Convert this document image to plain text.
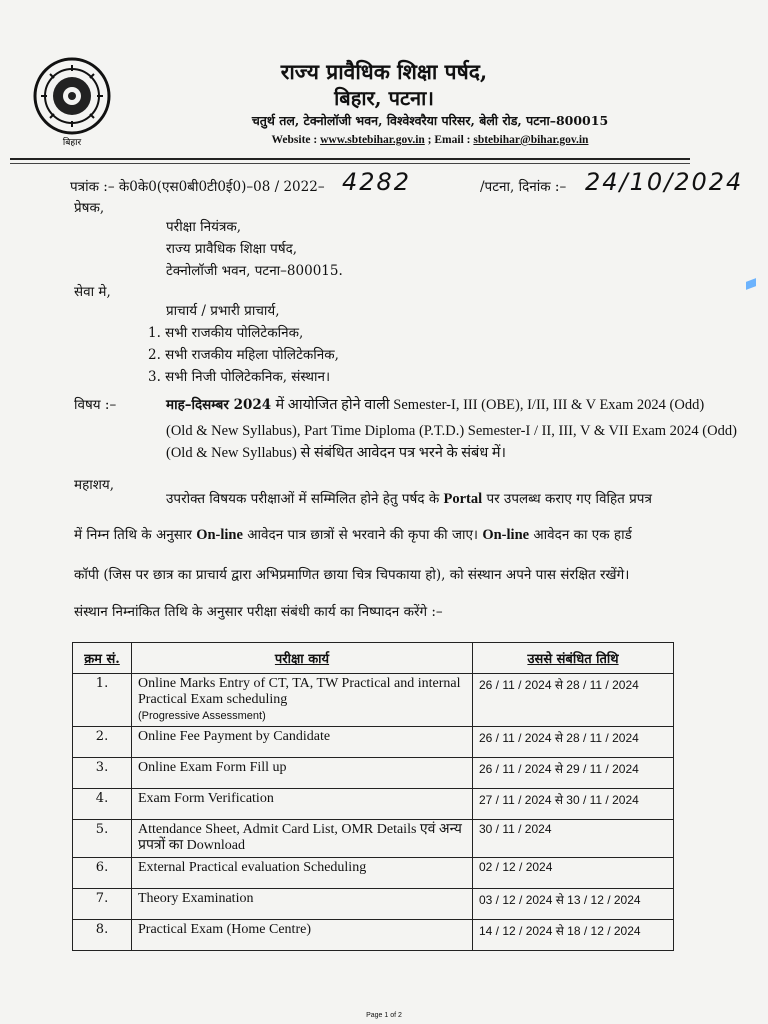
बिहार
राज्य प्रावैधिक शिक्षा पर्षद,
बिहार, पटना।
चतुर्थ तल, टेक्नोलॉजी भवन, विश्वेश्वरैया परिसर, बेली रोड, पटना–800015
Website : www.sbtebihar.gov.in ; Email : sbtebihar@bihar.gov.in
पत्रांक :– के0के0(एस0बी0टी0ई0)–08 / 2022– 4282	/पटना, दिनांक :– 24/10/2024
प्रेषक,
परीक्षा नियंत्रक,
राज्य प्रावैधिक शिक्षा पर्षद,
टेक्नोलॉजी भवन, पटना–800015.
सेवा मे,
प्राचार्य / प्रभारी प्राचार्य,
1. सभी राजकीय पोलिटेकनिक,
2. सभी राजकीय महिला पोलिटेकनिक,
3. सभी निजी पोलिटेकनिक, संस्थान।
विषय :–	माह–दिसम्बर 2024 में आयोजित होने वाली Semester-I, III (OBE), I/II, III & V Exam 2024 (Odd)
(Old & New Syllabus), Part Time Diploma (P.T.D.) Semester-I / II, III, V & VII Exam 2024 (Odd)
(Old & New Syllabus) से संबंधित आवेदन पत्र भरने के संबंध में।
महाशय,
उपरोक्त विषयक परीक्षाओं में सम्मिलित होने हेतु पर्षद के Portal पर उपलब्ध कराए गए विहित प्रपत्र
में निम्न तिथि के अनुसार On-line आवेदन पात्र छात्रों से भरवाने की कृपा की जाए। On-line आवेदन का एक हार्ड
कॉपी (जिस पर छात्र का प्राचार्य द्वारा अभिप्रमाणित छाया चित्र चिपकाया हो), को संस्थान अपने पास संरक्षित रखेंगे।
संस्थान निम्नांकित तिथि के अनुसार परीक्षा संबंधी कार्य का निष्पादन करेंगे :–
क्रम सं.	परीक्षा कार्य	उससे संबंधित तिथि
1.	Online Marks Entry of CT, TA, TW Practical and internal Practical Exam scheduling
(Progressive Assessment)	26 / 11 / 2024 से 28 / 11 / 2024
2.	Online Fee Payment by Candidate	26 / 11 / 2024 से 28 / 11 / 2024
3.	Online Exam Form Fill up	26 / 11 / 2024 से 29 / 11 / 2024
4.	Exam Form Verification	27 / 11 / 2024 से 30 / 11 / 2024
5.	Attendance Sheet, Admit Card List, OMR Details एवं अन्य प्रपत्रों का Download	30 / 11 / 2024
6.	External Practical evaluation Scheduling	02 / 12 / 2024
7.	Theory Examination	03 / 12 / 2024 से 13 / 12 / 2024
8.	Practical Exam (Home Centre)	14 / 12 / 2024 से 18 / 12 / 2024
Page 1 of 2
